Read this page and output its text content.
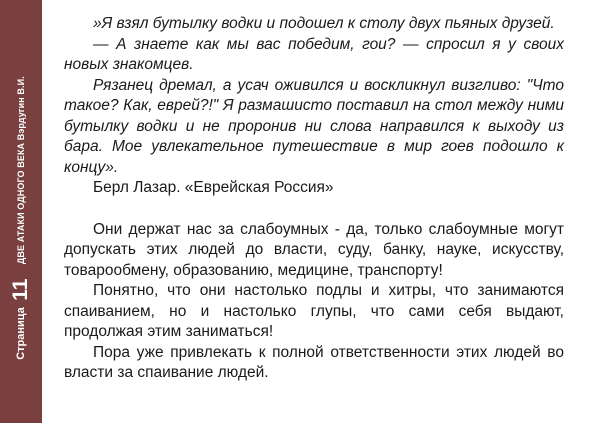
Страница 11 ДВЕ АТАКИ ОДНОГО ВЕКА Вэрдугин В.И.

»Я взял бутылку водки и подошел к столу двух пьяных друзей.

— А знаете как мы вас победим, гои? — спросил я у своих новых знакомцев.

Рязанец дремал, а усач оживился и воскликнул визгливо: "Что такое? Как, еврей?!" Я размашисто поставил на стол между ними бутылку водки и не проронив ни слова направился к выходу из бара. Мое увлекательное путешествие в мир гоев подошло к концу».

Берл Лазар. «Еврейская Россия»

Они держат нас за слабоумных - да, только слабоумные могут допускать этих людей до власти, суду, банку, науке, искусству, товарообмену, образованию, медицине, транспорту!

Понятно, что они настолько подлы и хитры, что занимаются спаиванием, но и настолько глупы, что сами себя выдают, продолжая этим заниматься!

Пора уже привлекать к полной ответственности этих людей во власти за спаивание людей.
